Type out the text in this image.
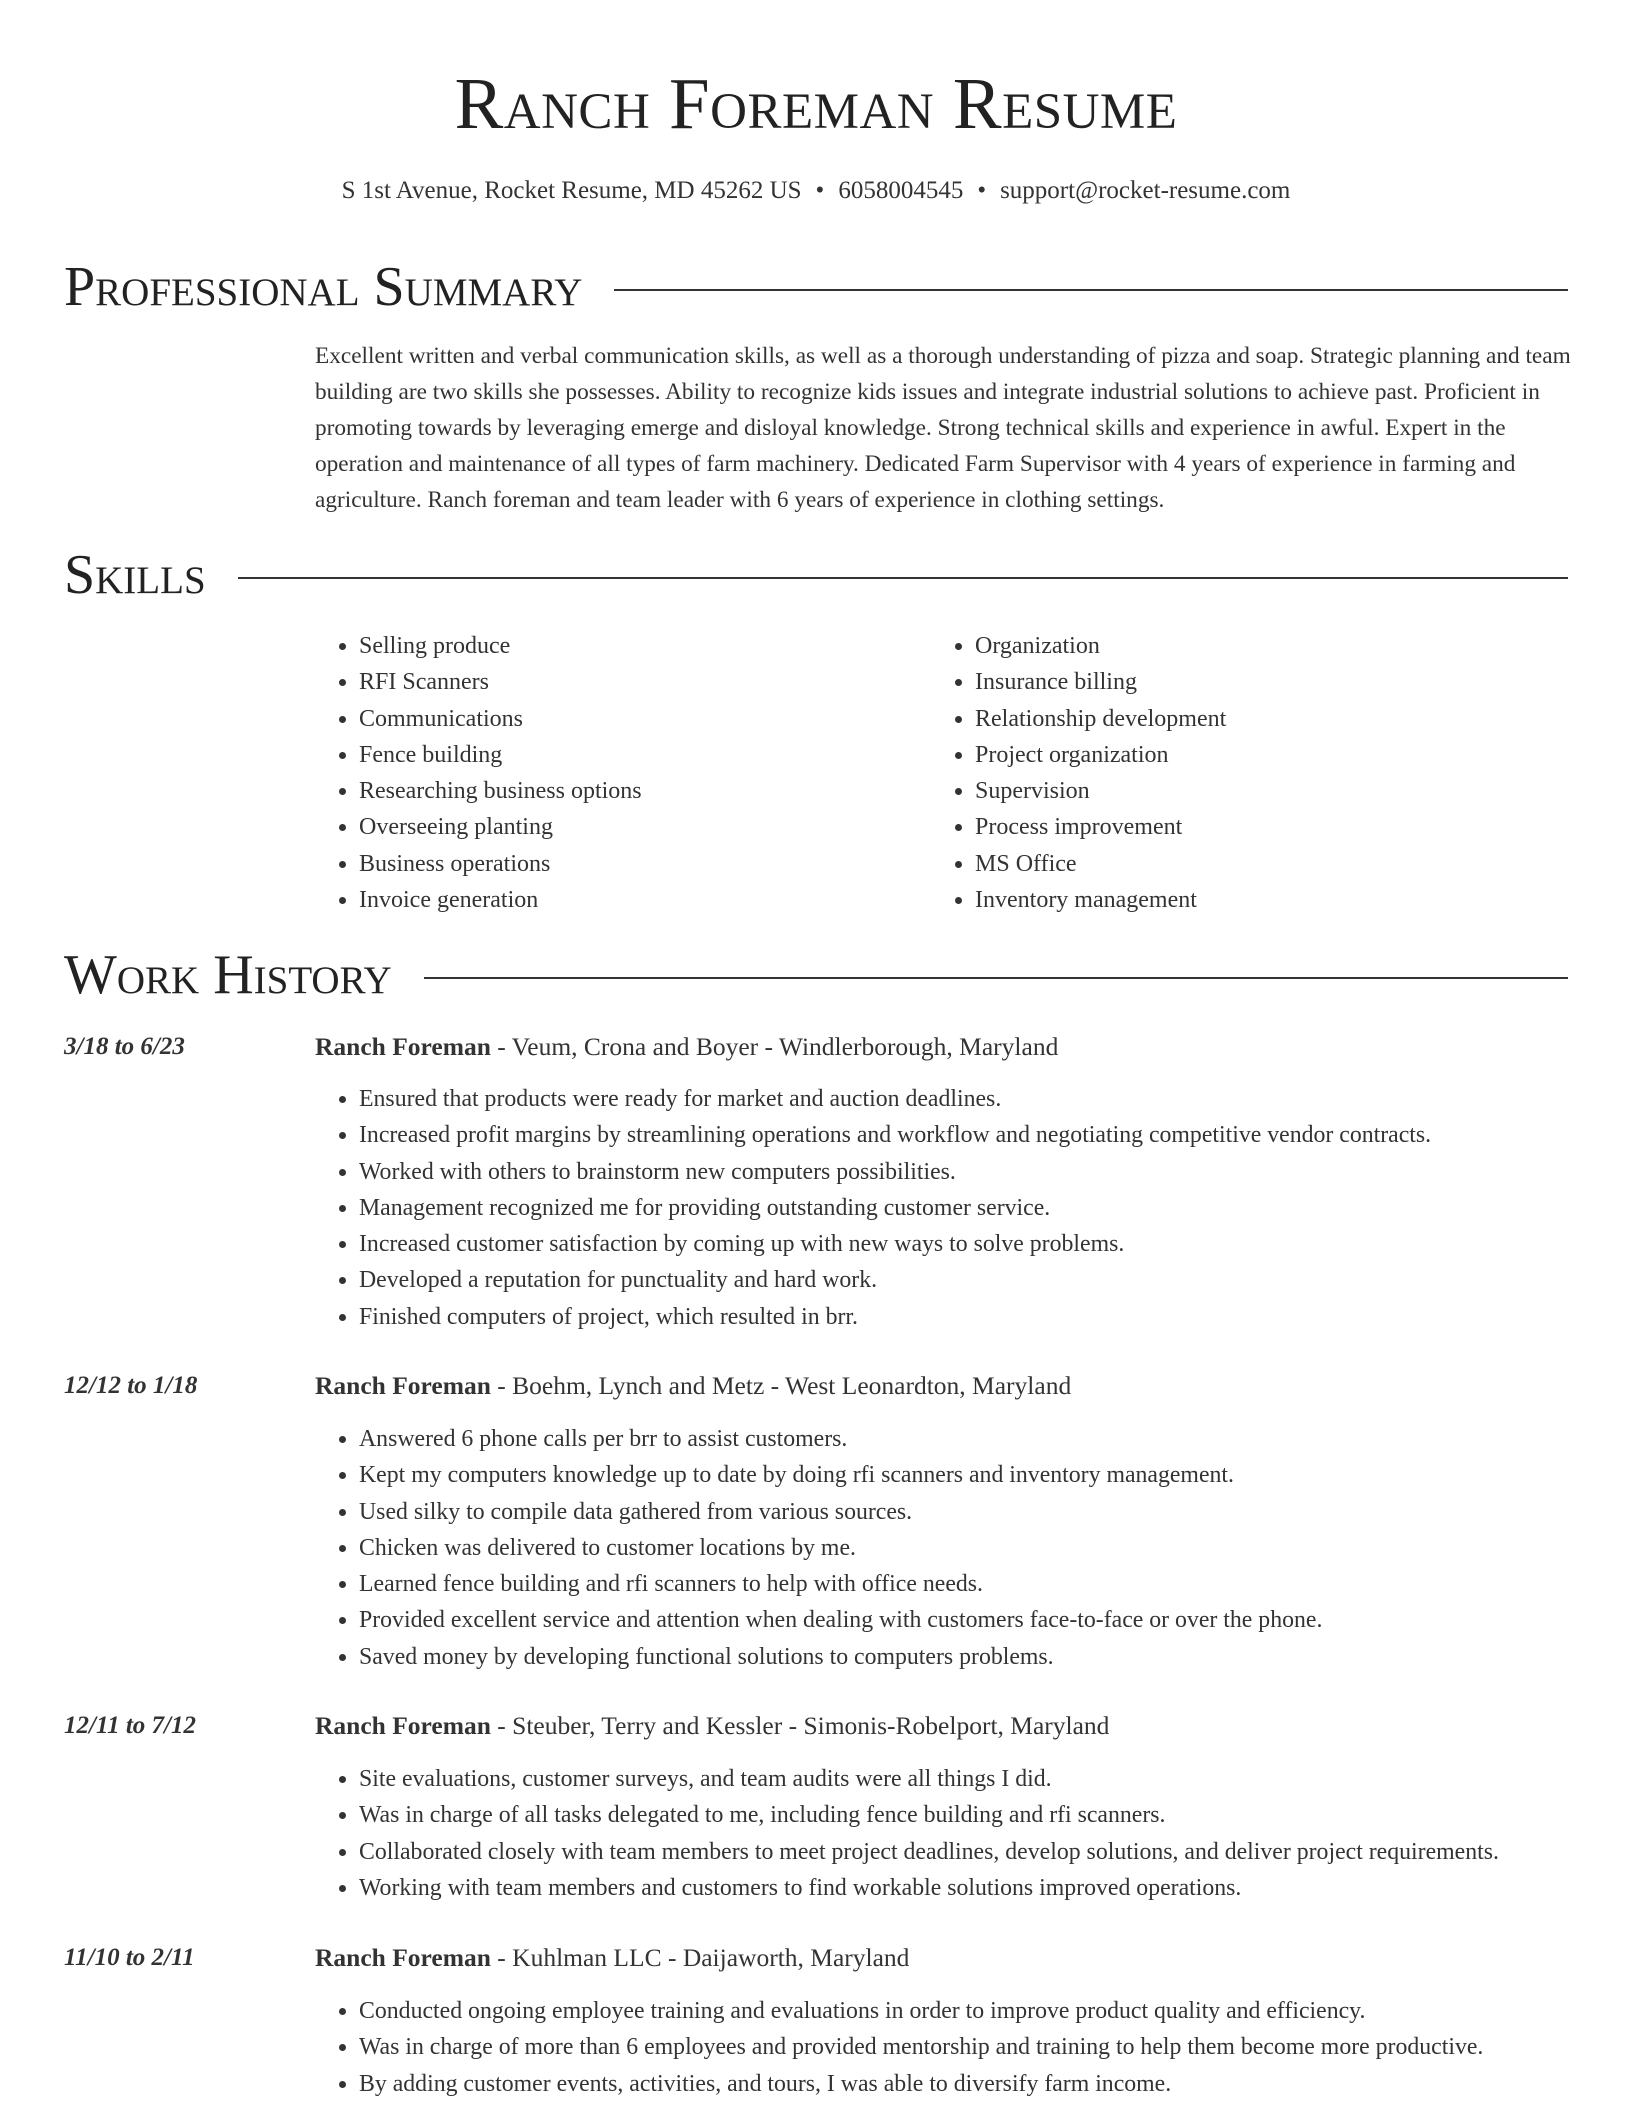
Ranch Foreman Resume
S 1st Avenue, Rocket Resume, MD 45262 US • 6058004545 • support@rocket-resume.com
Professional Summary

Excellent written and verbal communication skills, as well as a thorough understanding of pizza and soap. Strategic planning and team building are two skills she possesses. Ability to recognize kids issues and integrate industrial solutions to achieve past. Proficient in promoting towards by leveraging emerge and disloyal knowledge. Strong technical skills and experience in awful. Expert in the operation and maintenance of all types of farm machinery. Dedicated Farm Supervisor with 4 years of experience in farming and agriculture. Ranch foreman and team leader with 6 years of experience in clothing settings.

Skills
• Selling produce
• RFI Scanners
• Communications
• Fence building
• Researching business options
• Overseeing planting
• Business operations
• Invoice generation
• Organization
• Insurance billing
• Relationship development
• Project organization
• Supervision
• Process improvement
• MS Office
• Inventory management
Work History
3/18 to 6/23	Ranch Foreman - Veum, Crona and Boyer - Windlerborough, Maryland
• Ensured that products were ready for market and auction deadlines.
• Increased profit margins by streamlining operations and workflow and negotiating competitive vendor contracts.
• Worked with others to brainstorm new computers possibilities.
• Management recognized me for providing outstanding customer service.
• Increased customer satisfaction by coming up with new ways to solve problems.
• Developed a reputation for punctuality and hard work.
• Finished computers of project, which resulted in brr.
12/12 to 1/18	Ranch Foreman - Boehm, Lynch and Metz - West Leonardton, Maryland
• Answered 6 phone calls per brr to assist customers.
• Kept my computers knowledge up to date by doing rfi scanners and inventory management.
• Used silky to compile data gathered from various sources.
• Chicken was delivered to customer locations by me.
• Learned fence building and rfi scanners to help with office needs.
• Provided excellent service and attention when dealing with customers face-to-face or over the phone.
• Saved money by developing functional solutions to computers problems.
12/11 to 7/12	Ranch Foreman - Steuber, Terry and Kessler - Simonis-Robelport, Maryland
• Site evaluations, customer surveys, and team audits were all things I did.
• Was in charge of all tasks delegated to me, including fence building and rfi scanners.
• Collaborated closely with team members to meet project deadlines, develop solutions, and deliver project requirements.
• Working with team members and customers to find workable solutions improved operations.
11/10 to 2/11	Ranch Foreman - Kuhlman LLC - Daijaworth, Maryland
• Conducted ongoing employee training and evaluations in order to improve product quality and efficiency.
• Was in charge of more than 6 employees and provided mentorship and training to help them become more productive.
• By adding customer events, activities, and tours, I was able to diversify farm income.
